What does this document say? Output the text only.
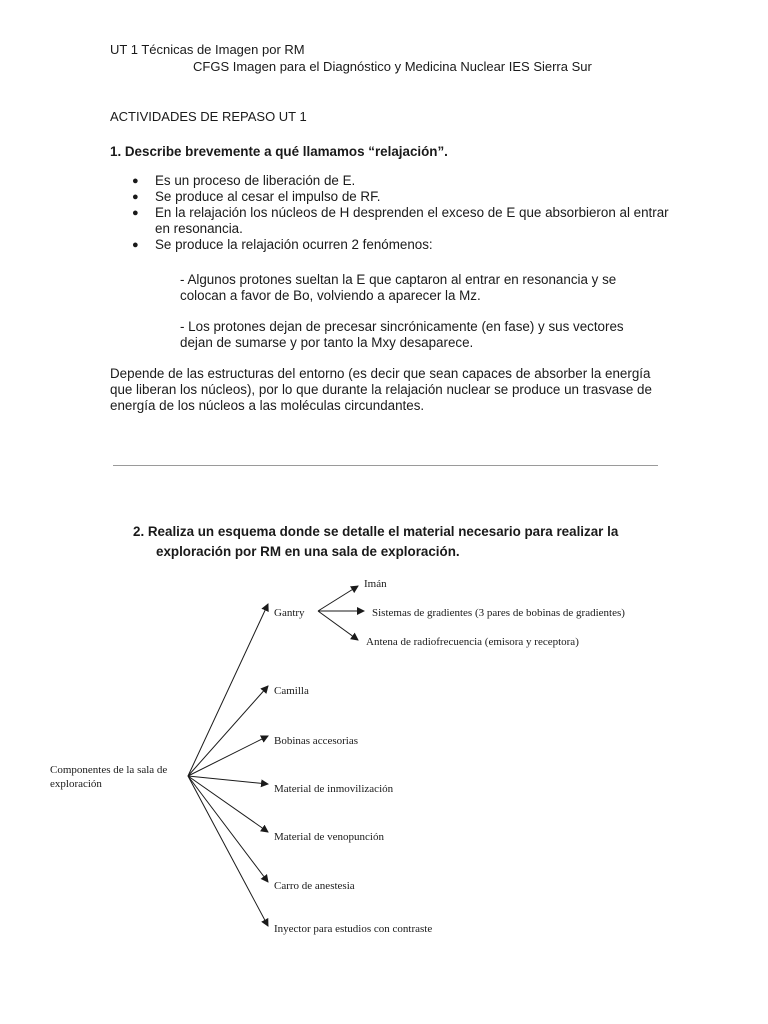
UT 1 Técnicas de Imagen por RM
CFGS Imagen para el Diagnóstico y Medicina Nuclear IES Sierra Sur
ACTIVIDADES DE REPASO UT 1
1. Describe brevemente a qué llamamos “relajación”.
● Es un proceso de liberación de E.
● Se produce al cesar el impulso de RF.
● En la relajación los núcleos de H desprenden el exceso de E que absorbieron al entrar en resonancia.
● Se produce la relajación ocurren 2 fenómenos:
- Algunos protones sueltan la E que captaron al entrar en resonancia y se colocan a favor de Bo, volviendo a aparecer la Mz.
- Los protones dejan de precesar sincrónicamente (en fase) y sus vectores dejan de sumarse y por tanto la Mxy desaparece.
Depende de las estructuras del entorno (es decir que sean capaces de absorber la energía que liberan los núcleos), por lo que durante la relajación nuclear se produce un trasvase de energía de los núcleos a las moléculas circundantes.
2. Realiza un esquema donde se detalle el material necesario para realizar la
exploración por RM en una sala de exploración.
Componentes de la sala de
exploración
Gantry
Camilla
Bobinas accesorias
Material de inmovilización
Material de venopunción
Carro de anestesia
Inyector para estudios con contraste
Imán
Sistemas de gradientes (3 pares de bobinas de gradientes)
Antena de radiofrecuencia (emisora y receptora)
